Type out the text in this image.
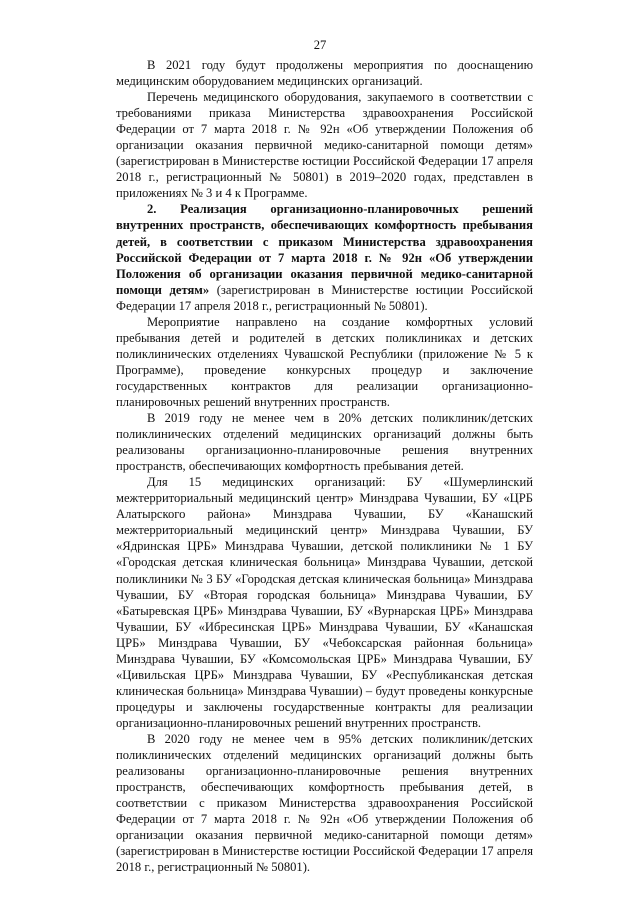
27

В 2021 году будут продолжены мероприятия по дооснащению медицинским оборудованием медицинских организаций.

Перечень медицинского оборудования, закупаемого в соответствии с требованиями приказа Министерства здравоохранения Российской Федерации от 7 марта 2018 г. № 92н «Об утверждении Положения об организации оказания первичной медико-санитарной помощи детям» (зарегистрирован в Министерстве юстиции Российской Федерации 17 апреля 2018 г., регистрационный № 50801) в 2019–2020 годах, представлен в приложениях № 3 и 4 к Программе.

2. Реализация организационно-планировочных решений внутренних пространств, обеспечивающих комфортность пребывания детей, в соответствии с приказом Министерства здравоохранения Российской Федерации от 7 марта 2018 г. № 92н «Об утверждении Положения об организации оказания первичной медико-санитарной помощи детям» (зарегистрирован в Министерстве юстиции Российской Федерации 17 апреля 2018 г., регистрационный № 50801).

Мероприятие направлено на создание комфортных условий пребывания детей и родителей в детских поликлиниках и детских поликлинических отделениях Чувашской Республики (приложение № 5 к Программе), проведение конкурсных процедур и заключение государственных контрактов для реализации организационно-планировочных решений внутренних пространств.

В 2019 году не менее чем в 20% детских поликлиник/детских поликлинических отделений медицинских организаций должны быть реализованы организационно-планировочные решения внутренних пространств, обеспечивающих комфортность пребывания детей.

Для 15 медицинских организаций: БУ «Шумерлинский межтерриториальный медицинский центр» Минздрава Чувашии, БУ «ЦРБ Алатырского района» Минздрава Чувашии, БУ «Канашский межтерриториальный медицинский центр» Минздрава Чувашии, БУ «Ядринская ЦРБ» Минздрава Чувашии, детской поликлиники № 1 БУ «Городская детская клиническая больница» Минздрава Чувашии, детской поликлиники № 3 БУ «Городская детская клиническая больница» Минздрава Чувашии, БУ «Вторая городская больница» Минздрава Чувашии, БУ «Батыревская ЦРБ» Минздрава Чувашии, БУ «Вурнарская ЦРБ» Минздрава Чувашии, БУ «Ибресинская ЦРБ» Минздрава Чувашии, БУ «Канашская ЦРБ» Минздрава Чувашии, БУ «Чебоксарская районная больница» Минздрава Чувашии, БУ «Комсомольская ЦРБ» Минздрава Чувашии, БУ «Цивильская ЦРБ» Минздрава Чувашии, БУ «Республиканская детская клиническая больница» Минздрава Чувашии) – будут проведены конкурсные процедуры и заключены государственные контракты для реализации организационно-планировочных решений внутренних пространств.

В 2020 году не менее чем в 95% детских поликлиник/детских поликлинических отделений медицинских организаций должны быть реализованы организационно-планировочные решения внутренних пространств, обеспечивающих комфортность пребывания детей, в соответствии с приказом Министерства здравоохранения Российской Федерации от 7 марта 2018 г. № 92н «Об утверждении Положения об организации оказания первичной медико-санитарной помощи детям» (зарегистрирован в Министерстве юстиции Российской Федерации 17 апреля 2018 г., регистрационный № 50801).
